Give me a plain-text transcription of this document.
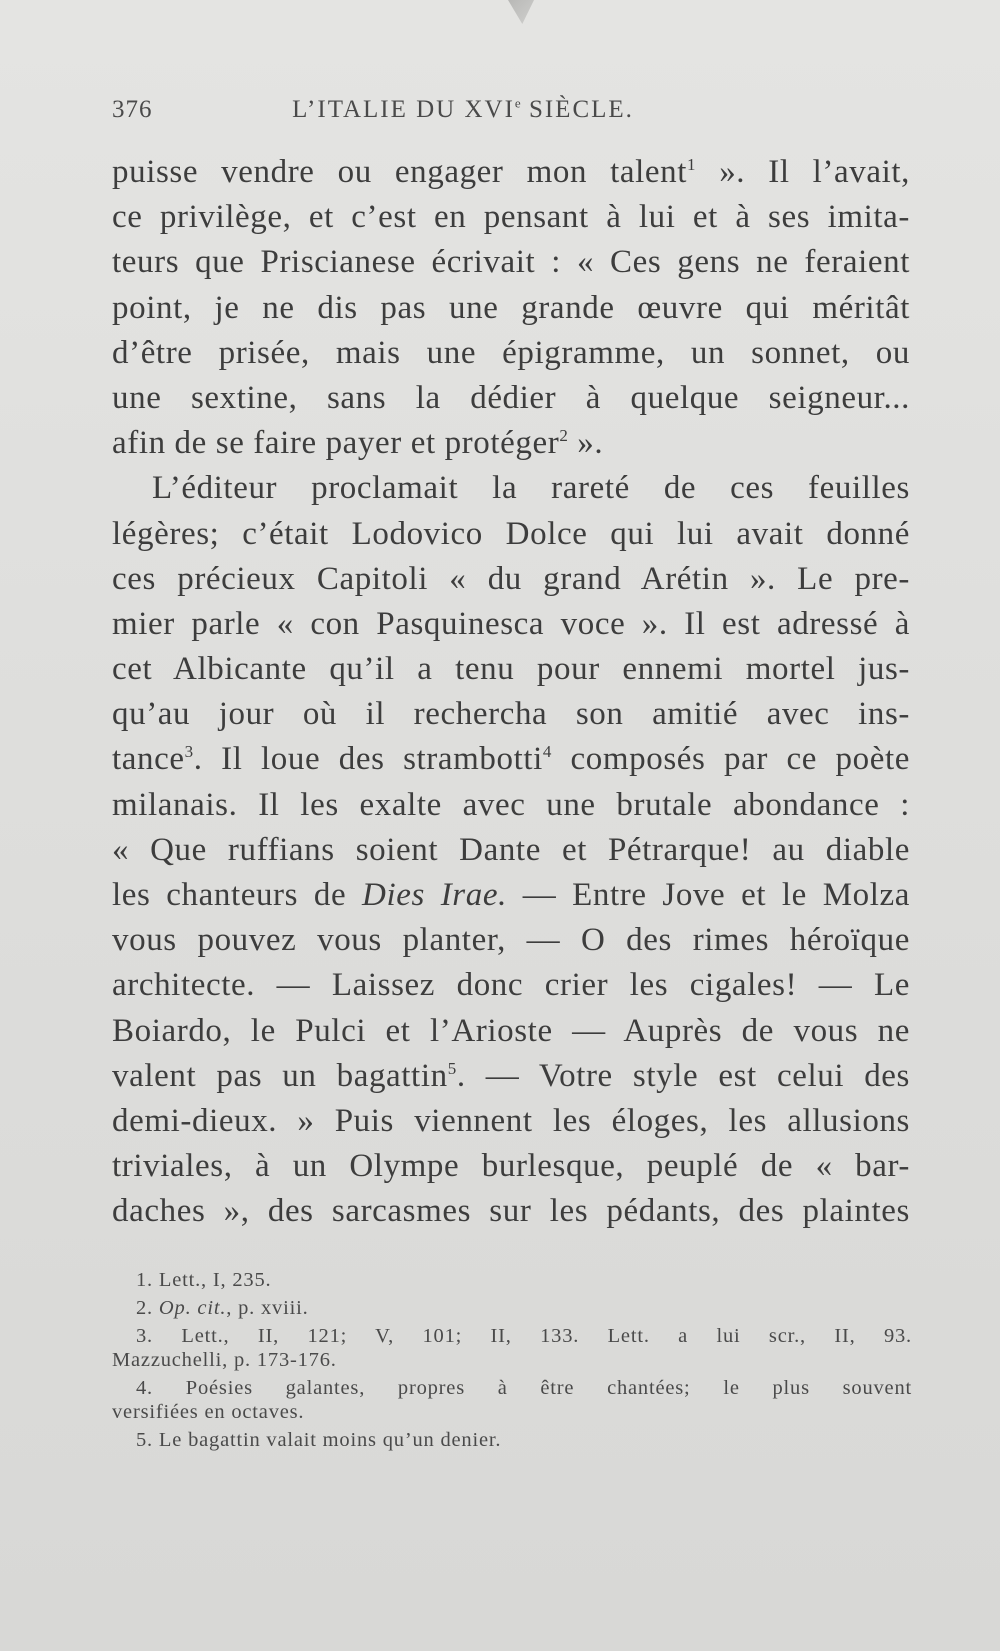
376	L’ITALIE DU XVIe SIÈCLE.
puisse vendre ou engager mon talent$^1$ ». Il l’avait,
ce privilège, et c’est en pensant à lui et à ses imita-
teurs que Priscianese écrivait : « Ces gens ne feraient
point, je ne dis pas une grande œuvre qui méritât
d’être prisée, mais une épigramme, un sonnet, ou
une sextine, sans la dédier à quelque seigneur...
afin de se faire payer et protéger$^2$ ».
L’éditeur proclamait la rareté de ces feuilles
légères; c’était Lodovico Dolce qui lui avait donné
ces précieux Capitoli « du grand Arétin ». Le pre-
mier parle « con Pasquinesca voce ». Il est adressé à
cet Albicante qu’il a tenu pour ennemi mortel jus-
qu’au jour où il rechercha son amitié avec ins-
tance$^3$. Il loue des strambotti$^4$ composés par ce poète
milanais. Il les exalte avec une brutale abondance :
« Que ruffians soient Dante et Pétrarque! au diable
les chanteurs de Dies Irae. — Entre Jove et le Molza
vous pouvez vous planter, — O des rimes héroïque
architecte. — Laissez donc crier les cigales! — Le
Boiardo, le Pulci et l’Arioste — Auprès de vous ne
valent pas un bagattin$^5$. — Votre style est celui des
demi-dieux. » Puis viennent les éloges, les allusions
triviales, à un Olympe burlesque, peuplé de « bar-
daches », des sarcasmes sur les pédants, des plaintes
1. Lett., I, 235.
2. Op. cit., p. xviii.
3. Lett., II, 121; V, 101; II, 133. Lett. a lui scr., II, 93.
Mazzuchelli, p. 173-176.
4. Poésies galantes, propres à être chantées; le plus souvent
versifiées en octaves.
5. Le bagattin valait moins qu’un denier.
